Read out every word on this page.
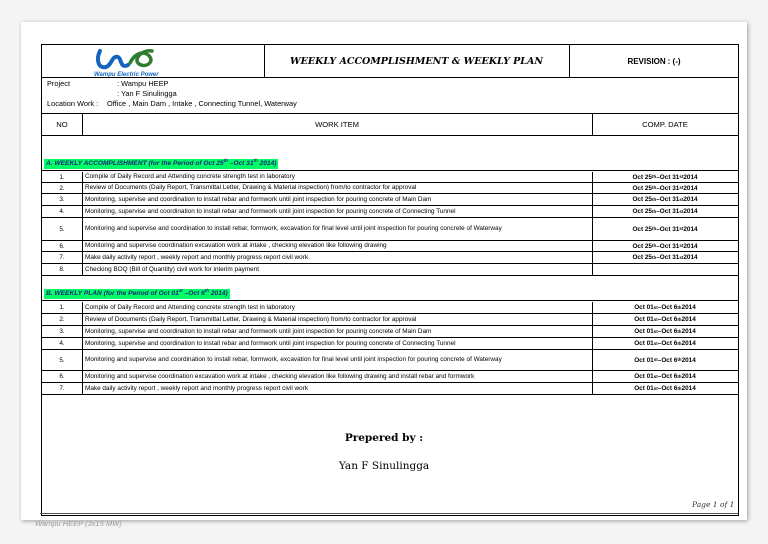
Wampu Electric Power
WEEKLY ACCOMPLISHMENT & WEEKLY PLAN	REVISION : (-)
Project	: Wampu HEEP
: Yan F Sinulingga
Location Work :	Office , Main Dam , Intake , Connecting Tunnel, Waterway
NO	WORK ITEM	COMP. DATE
A. WEEKLY ACCOMPLISHMENT (for the Period of Oct 25th –Oct 31th 2014)
1.	Compile of Daily Record and Attending concrete strength test in laboratory	Oct 25 th –Oct 31 st 2014
2.	Review of Documents (Daily Report, Transmittal Letter, Drawing & Material inspection) from/to contractor for approval	Oct 25 th –Oct 31 st 2014
3.	Monitoring, supervise and coordination to install rebar and formwork until joint inspection for pouring concrete of Main Dam	Oct 25 th –Oct 31 st 2014
4.	Monitoring, supervise and coordination to install rebar and formwork until joint inspection for pouring concrete of Connecting Tunnel	Oct 25 th –Oct 31 st 2014
5.	Monitoring and supervise and coordination to install rebar, formwork, excavation for final level until joint inspection for pouring concrete of Waterway	Oct 25 th –Oct 31 st 2014
6.	Monitoring and supervise coordination excavation work at intake , checking elevation like following drawing	Oct 25 th –Oct 31 st 2014
7.	Make daily activity report , weekly report and monthly progress report civil work	Oct 25 th –Oct 31 st 2014
8.	Checking BOQ (Bill of Quantity) civil work for interim payment
B. WEEKLY PLAN (for the Period of Oct 01st –Oct 6th 2014)
1.	Compile of Daily Record and Attending concrete strength test in laboratory	Oct 01 st –Oct 6 th 2014
2.	Review of Documents (Daily Report, Transmittal Letter, Drawing & Material inspection) from/to contractor for approval	Oct 01 st –Oct 6 th 2014
3.	Monitoring, supervise and coordination to install rebar and formwork until joint inspection for pouring concrete of Main Dam	Oct 01 st –Oct 6 th 2014
4.	Monitoring, supervise and coordination to install rebar and formwork until joint inspection for pouring concrete of Connecting Tunnel	Oct 01 st –Oct 6 th 2014
5.	Monitoring and supervise and coordination to install rebar, formwork, excavation for final level until joint inspection for pouring concrete of Waterway	Oct 01 st –Oct 6 th 2014
6.	Monitoring and supervise coordination excavation work at intake , checking elevation like following drawing and install rebar and formwork	Oct 01 st –Oct 6 th 2014
7.	Make daily activity report , weekly report and monthly progress report civil work	Oct 01 st –Oct 6 th 2014
Prepered by :
Yan F Sinulingga
Page 1 of 1
Wampu HEEP (3x15 MW)
